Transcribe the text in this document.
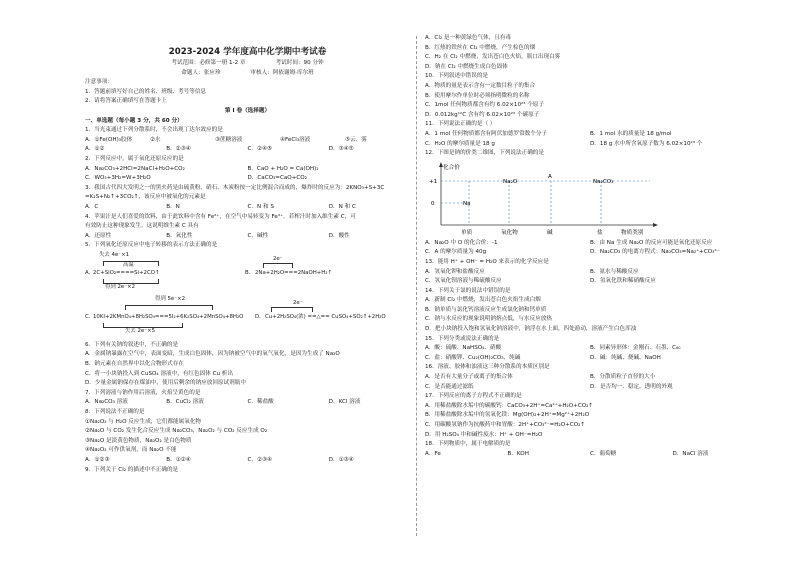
2023-2024 学年度高中化学期中考试卷
考试范围：必修第一册 1-2 章	考试时间：90 分钟
命题人：张应珍	审核人：阿依谢姆·库尔班
注意事项：
1．答题前填写好自己的姓名、班级、考号等信息
2．请将答案正确填写在答题卡上
第 I 卷（选择题）
一、单选题（每小题 3 分，共 60 分）
1．当光束通过下列分散系时，不会出现丁达尔效应的是
A．①Fe(OH)₃胶体	②水	③蔗糖溶液	④FeCl₃溶液	⑤云、雾
A．①②	B．②③④	C．②④⑤	D．③④⑤
2．下列反应中，属于氧化还原反应的是
A．Na₂CO₃+2HCl=2NaCl+H₂O+CO₂	B．CaO + H₂O = Ca(OH)₂
C．WO₃+3H₂=W+3H₂O	D．CaCO₃=CaO+CO₂
3．我国古代四大发明之一的黑火药是由硫黄粉、硝石、木炭粉按一定比例混合而成的，爆炸时的反应为：2KNO₃+S+3C
=K₂S+N₂↑+3CO₂↑，该反应中被氧化的元素是
A．C	B．N	C．N 和 S	D．N 和 C
4．苹果汁是人们喜爱的饮料，由于此饮料中含有 Fe²⁺，在空气中易转变为 Fe³⁺。若榨汁时加入维生素 C，可
有效防止这种现象发生。这说明维生素 C 具有
A．还原性	B．氧化性	C．碱性	D．酸性
5．下列氧化还原反应中电子转移的表示方法正确的是
失去 4e⁻×1
高温
A．
2C+SiO₂====Si+2CO↑
得到 2e⁻×2
2e⁻
B． 2Na+2H₂O===2NaOH+H₂↑
得到 5e⁻×2
C．
10KI+2KMnO₄+8H₂SO₄===5I₂+6K₂SO₄+2MnSO₄+8H₂O
失去 2e⁻×5
2e⁻
D． Cu+2H₂SO₄(浓) ==△== CuSO₄+SO₂↑+2H₂O
6．下列有关钠的叙述中，不正确的是
A．金属钠暴露在空气中，表面变暗，生成白色固体，因为钠被空气中的氧气氧化，是因为生成了 Na₂O
B．钠元素在自然界中以化合物形式存在
C．将一小块钠投入到 CuSO₄ 溶液中，有红色固体 Cu 析出
D．少量金属钠保存在煤油中，使用后剩余的钠应放回原试剂瓶中
7．下列溶液与钠作用后溶液，火焰呈黄色的是
A．Na₂CO₃ 溶液	B．CuCl₂ 溶液	C．稀盐酸	D．KCl 溶液
8．下列说法不正确的是
①Na₂O₂ 与 H₂O 反应生成，它们都能属氧化物
②Na₂O 与 CO₂ 发生化合反应生成 Na₂CO₃，Na₂O₂ 与 CO₂ 反应生成 O₂
③Na₂O 是淡黄色物质，Na₂O₂ 是白色物质
④Na₂O₂ 可作供氧剂，而 Na₂O 不能
A．①②③	B．①②④	C．②③④	D．①③④
9．下列关于 Cl₂ 的描述中不正确的是
A．Cl₂ 是一种黄绿色气体，且有毒
B．红热的铁丝在 Cl₂ 中燃烧，产生棕色的烟
C．H₂ 在 Cl₂ 中燃烧，发出苍白色火焰，瓶口出现白雾
D．钠在 Cl₂ 中燃烧生成白色固体
10．下列叙述中错误的是
A．物质的量是表示含有一定数目粒子的集合
B．使用摩尔作单位时必须指明微粒的名称
C．1mol 任何物质都含有约 6.02×10²³ 个原子
D．0.012kg¹²C 含有约 6.02×10²³ 个碳原子
11．下列说法正确的是（ ）
A．1 mol 任何物质都含有阿伏加德罗常数个分子	B．1 mol 水的质量是 18 g/mol
C．H₂O 的摩尔质量是 18 g	D．18 g 水中所含氧原子数为 6.02×10²³ 个
12．下图是钠的价类二维图，下列说法正确的是
化合价
+1
0	Na
Na₂O
A
Na₂CO₃
单质	氧化物	碱	盐	物质类别
A．Na₂O 中 O 的化合价：-1	B．由 Na 生成 Na₂O 的反应可能是氧化还原反应
C．A 的摩尔质量为 40g	D．Na₂CO₃ 的电离方程式：Na₂CO₃=Na₂⁺+CO₃²⁻
13．能用 H⁺ + OH⁻ = H₂O 来表示的化学反应是
A．氢氧化钾和盐酸反应	B．氨水与稀酸反应
C．氢氧化钡溶液与稀硫酸反应	D．氢氧化铁和稀硝酸反应
14．下列关于氯的说法中错误的是
A．新制 Cl₂ 中燃烧，发出苍白色火焰生成白烟
B．钠单质与氯化钙溶液反应生成氯化钠和钙单质
C．钠与水反应的现象说明钠熔点低，与水反应放热
D．把小块钠投入饱和氢氧化钠溶液中，钠浮在水上面，四处游动，溶液产生白色浑浊
15．下列分类或说法正确的是
A．酸：硫酸、NaHSO₄、硝酸	B．同素异形体：金刚石、石墨、C₆₀
C．盐：硝酸钾、Cu₂(OH)₂CO₃、纯碱	D．碱：纯碱、烧碱、NaOH
16．溶液、胶体和浊液这三种分散系的本质区别是
A．是否有大量分子或离子的集合体	B．分散质粒子直径的大小
C．是否能通过滤纸	D．是否均一、稳定、透明的外观
17．下列反应的离子方程式不正确的是
A．用稀盐酸除水垢中的碳酸钙：CaCO₃+2H⁺=Ca²⁺+H₂O+CO₂↑
B．用稀盐酸除水垢中的氢氧化镁：Mg(OH)₂+2H⁺=Mg²⁺+2H₂O
C．用碳酸氢钠作为抗酸药中和胃酸：2H⁺+CO₃²⁻=H₂O+CO₂↑
D．用 H₂SO₄ 中和碱性废水：H⁺ + OH⁻=H₂O
18．下列物质中，属于电解质的是
A．Fe	B．KOH	C．葡萄糖	D．NaCl 溶液
